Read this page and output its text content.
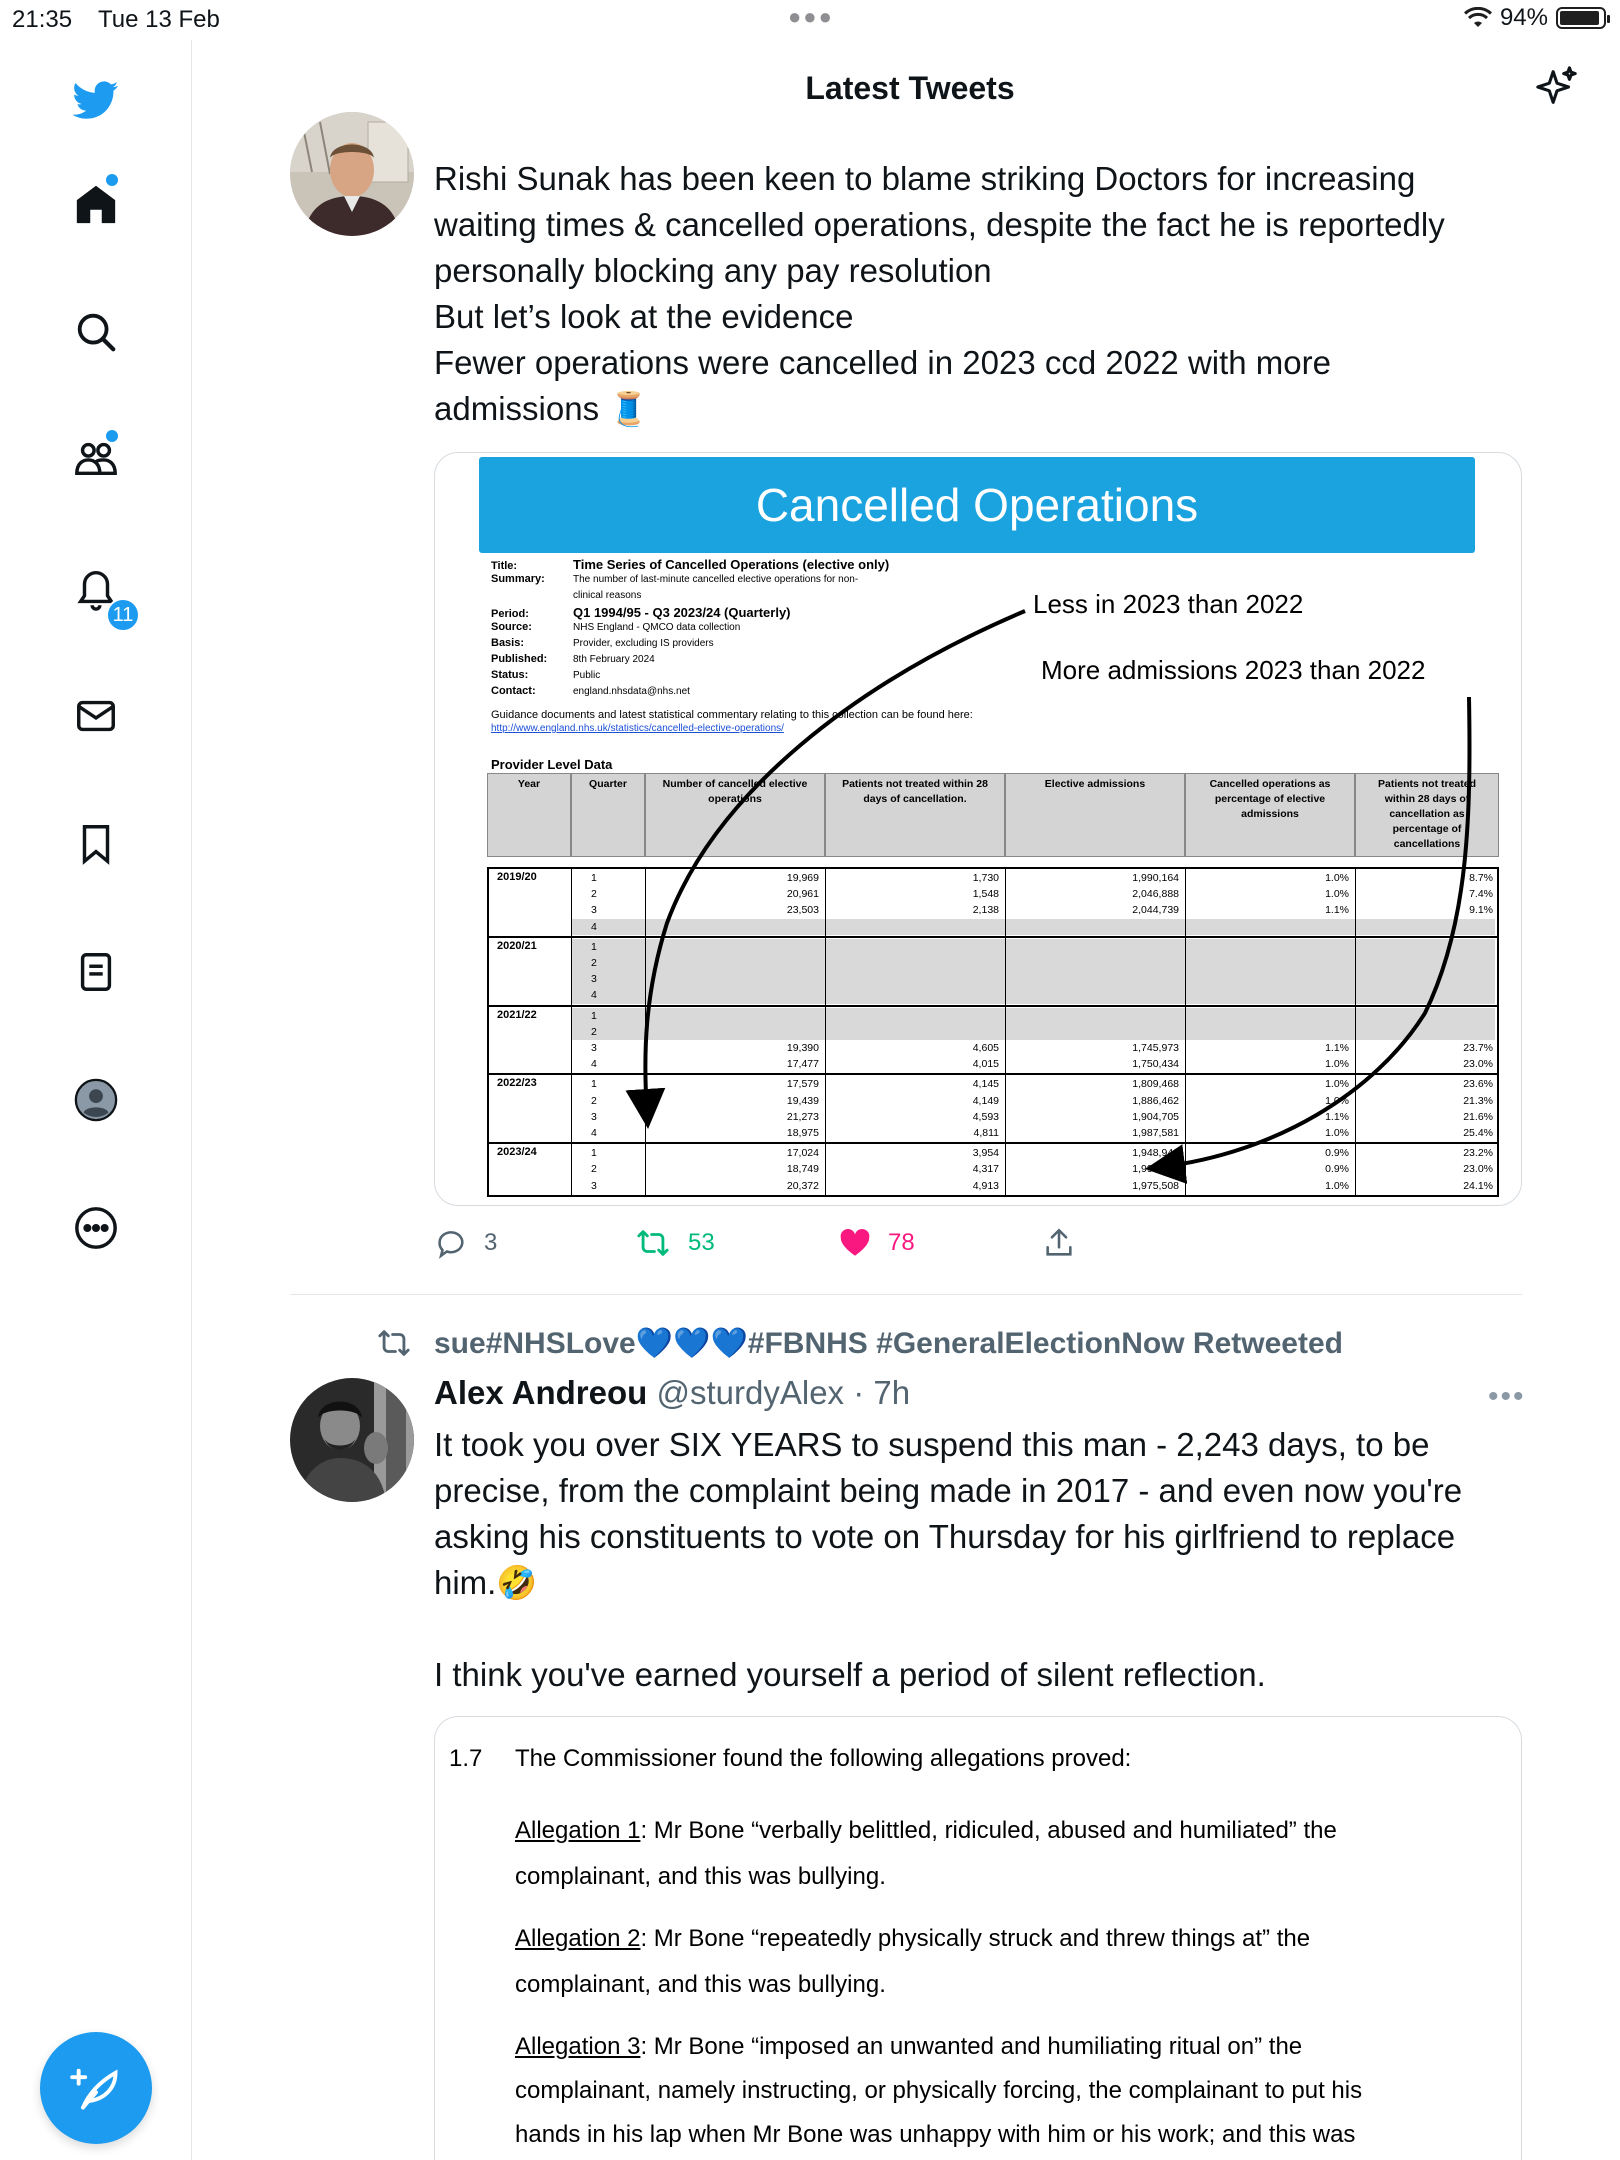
21:35 Tue 13 Feb	●●●	94%
11
Latest Tweets

Rishi Sunak has been keen to blame striking Doctors for increasing

waiting times & cancelled operations, despite the fact he is reportedly

personally blocking any pay resolution

But let’s look at the evidence

Fewer operations were cancelled in 2023 ccd 2022 with more

admissions 🧵

Cancelled Operations
Less in 2023 than 2022
More admissions 2023 than 2022
Title:	Time Series of Cancelled Operations (elective only)
Summary:	The number of last-minute cancelled elective operations for non-
clinical reasons
Period:	Q1 1994/95 - Q3 2023/24 (Quarterly)
Source:	NHS England - QMCO data collection
Basis:	Provider, excluding IS providers
Published:	8th February 2024
Status:	Public
Contact:	england.nhsdata@nhs.net
Guidance documents and latest statistical commentary relating to this collection can be found here:
http://www.england.nhs.uk/statistics/cancelled-elective-operations/
Provider Level Data
Year	Quarter	Number of cancelled elective operations
Patients not treated within 28 days of cancellation.
Elective admissions	Cancelled operations as percentage of elective admissions
Patients not treated within 28 days of cancellation as percentage of cancellations
2019/20	1	19,969	1,730	1,990,164	1.0%	8.7%
2	20,961	1,548	2,046,888	1.0%	7.4%
3	23,503	2,138	2,044,739	1.1%	9.1%
4
2020/21	1
2
3
4
2021/22	1
2
3	19,390	4,605	1,745,973	1.1%	23.7%
4	17,477	4,015	1,750,434	1.0%	23.0%
2022/23	1	17,579	4,145	1,809,468	1.0%	23.6%
2	19,439	4,149	1,886,462	1.0%	21.3%
3	21,273	4,593	1,904,705	1.1%	21.6%
4	18,975	4,811	1,987,581	1.0%	25.4%
2023/24	1	17,024	3,954	1,948,942	0.9%	23.2%
2	18,749	4,317	1,990,449	0.9%	23.0%
3	20,372	4,913	1,975,508	1.0%	24.1%
3	53	78
sue#NHSLove💙💙💙#FBNHS #GeneralElectionNow Retweeted
Alex Andreou @sturdyAlex · 7h	•••

It took you over SIX YEARS to suspend this man - 2,243 days, to be

precise, from the complaint being made in 2017 - and even now you're

asking his constituents to vote on Thursday for his girlfriend to replace

him.🤣

I think you've earned yourself a period of silent reflection.

1.7 The Commissioner found the following allegations proved:
Allegation 1: Mr Bone “verbally belittled, ridiculed, abused and humiliated” the
complainant, and this was bullying.
Allegation 2: Mr Bone “repeatedly physically struck and threw things at” the
complainant, and this was bullying.
Allegation 3: Mr Bone “imposed an unwanted and humiliating ritual on” the
complainant, namely instructing, or physically forcing, the complainant to put his
hands in his lap when Mr Bone was unhappy with him or his work; and this was
